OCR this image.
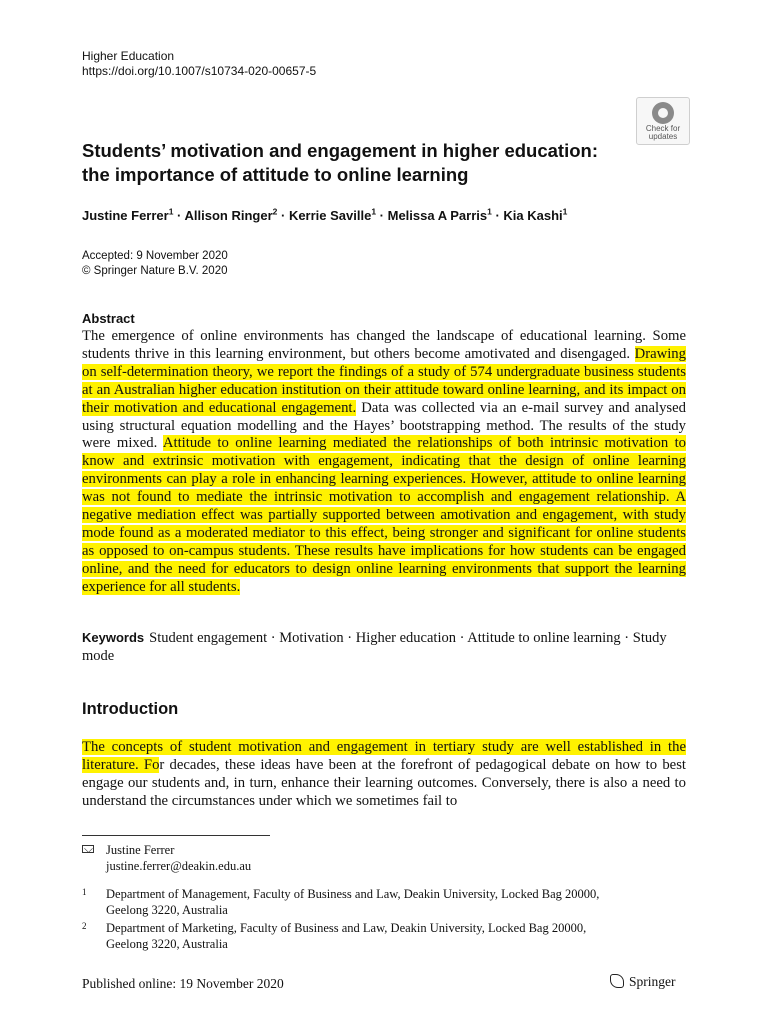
Higher Education
https://doi.org/10.1007/s10734-020-00657-5
Check for
updates
Students’ motivation and engagement in higher education:
the importance of attitude to online learning
Justine Ferrer$^1$ · Allison Ringer$^2$ · Kerrie Saville$^1$ · Melissa A Parris$^1$ · Kia Kashi$^1$
Accepted: 9 November 2020
© Springer Nature B.V. 2020
Abstract

The emergence of online environments has changed the landscape of educational learning. Some students thrive in this learning environment, but others become amotivated and disengaged. Drawing on self-determination theory, we report the findings of a study of 574 undergraduate business students at an Australian higher education institution on their attitude toward online learning, and its impact on their motivation and educational engagement. Data was collected via an e-mail survey and analysed using structural equation modelling and the Hayes’ bootstrapping method. The results of the study were mixed. Attitude to online learning mediated the relationships of both intrinsic motivation to know and extrinsic motivation with engagement, indicating that the design of online learning environments can play a role in enhancing learning experiences. However, attitude to online learning was not found to mediate the intrinsic motivation to accomplish and engagement relationship. A negative mediation effect was partially supported between amotivation and engagement, with study mode found as a moderated mediator to this effect, being stronger and significant for online students as opposed to on-campus students. These results have implications for how students can be engaged online, and the need for educators to design online learning environments that support the learning experience for all students.

Keywords Student engagement · Motivation · Higher education · Attitude to online learning · Study mode

Introduction

The concepts of student motivation and engagement in tertiary study are well established in the literature. For decades, these ideas have been at the forefront of pedagogical debate on how to best engage our students and, in turn, enhance their learning outcomes. Conversely, there is also a need to understand the circumstances under which we sometimes fail to

Justine Ferrer
justine.ferrer@deakin.edu.au
1 Department of Management, Faculty of Business and Law, Deakin University, Locked Bag 20000,
Geelong 3220, Australia
2 Department of Marketing, Faculty of Business and Law, Deakin University, Locked Bag 20000,
Geelong 3220, Australia
Published online: 19 November 2020	Springer
